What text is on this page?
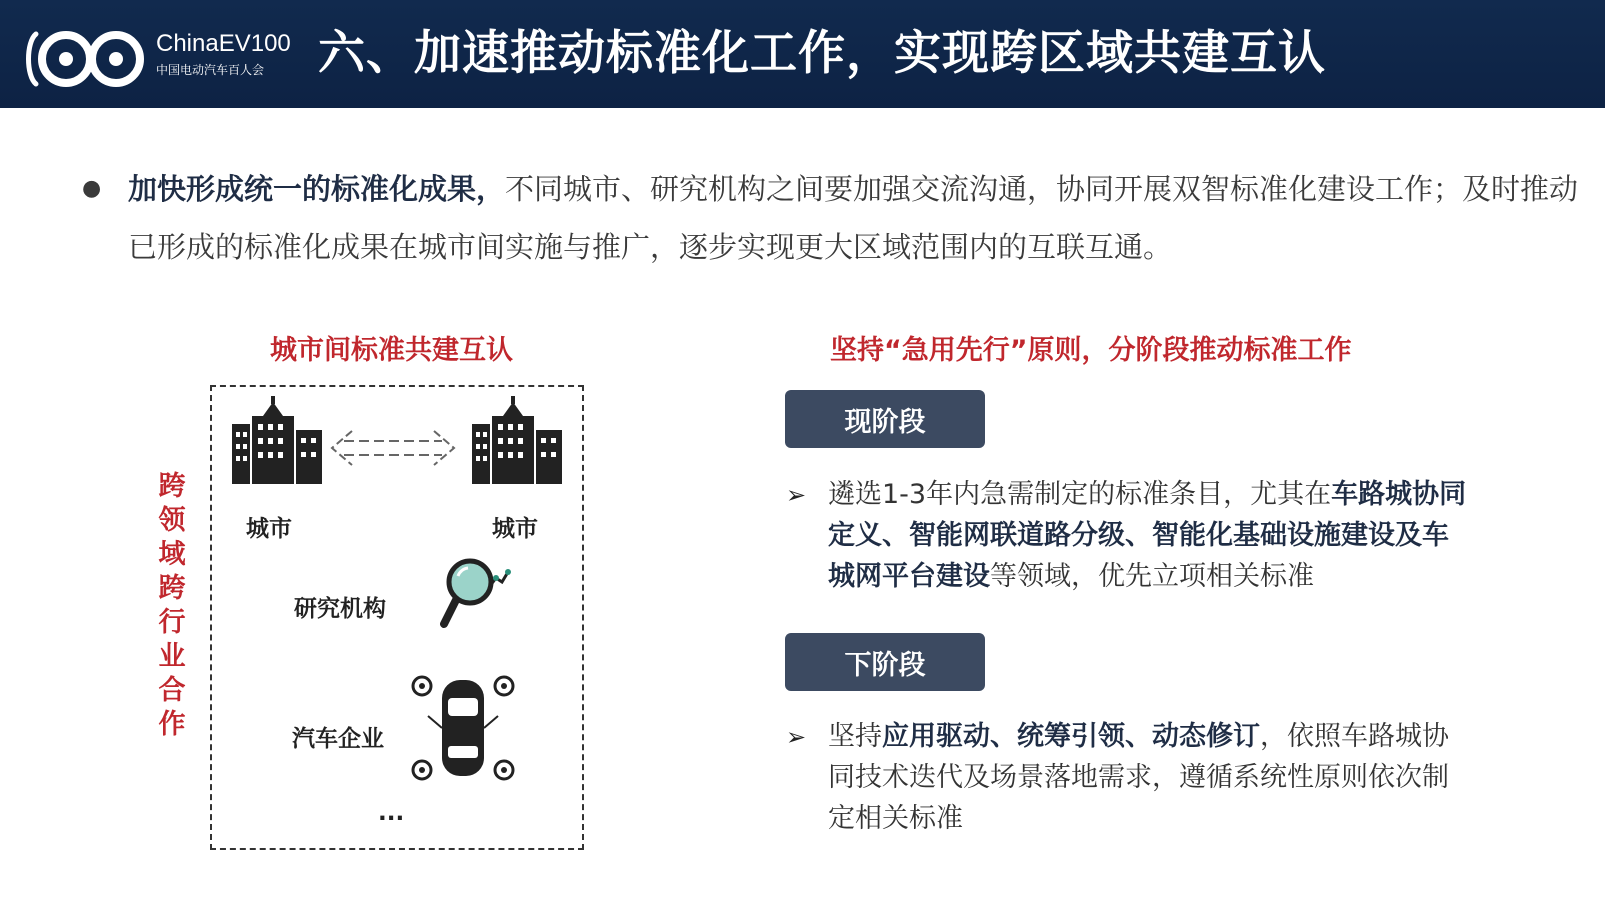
ChinaEV100
中国电动汽车百人会	六、加速推动标准化工作，实现跨区域共建互认
● 加快形成统一的标准化成果，不同城市、研究机构之间要加强交流沟通，协同开展双智标准化建设工作；及时推动已形成的标准化成果在城市间实施与推广，逐步实现更大区域范围内的互联互通。
城市间标准共建互认
跨
领
域
跨
行
业
合
作
城市	城市
研究机构
汽车企业
...
坚持“急用先行”原则，分阶段推动标准工作
现阶段
➢ 遴选1-3年内急需制定的标准条目，尤其在车路城协同定义、智能网联道路分级、智能化基础设施建设及车城网平台建设等领域，优先立项相关标准
下阶段
➢ 坚持应用驱动、统筹引领、动态修订，依照车路城协同技术迭代及场景落地需求，遵循系统性原则依次制定相关标准
